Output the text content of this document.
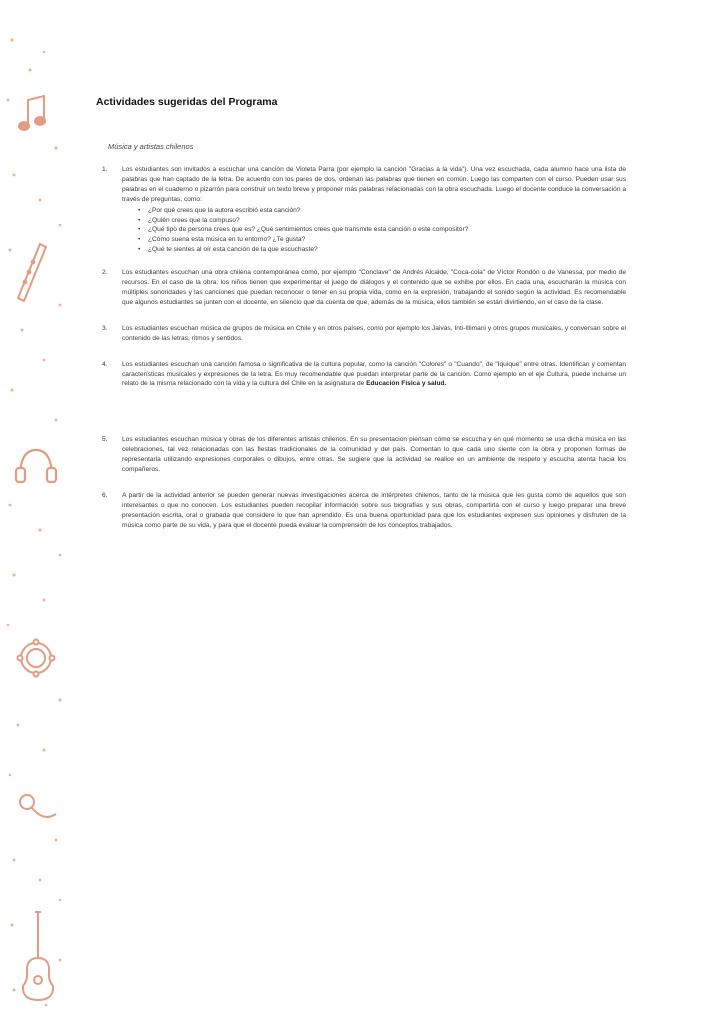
Actividades sugeridas del Programa
Música y artistas chilenos
1.	Los estudiantes son invitados a escuchar una canción de Violeta Parra (por ejemplo la canción "Gracias a la vida"). Una vez escuchada, cada alumno hace una lista de palabras que han captado de la letra. De acuerdo con los pares de dos, ordenan las palabras que tienen en común. Luego las comparten con el curso. Pueden usar sus palabras en el cuaderno o pizarrón para construir un texto breve y proponer más palabras relacionadas con la obra escuchada. Luego el docente conduce la conversación a través de preguntas, como:
• ¿Por qué crees que la autora escribió esta canción?
• ¿Quién crees que la compuso?
• ¿Qué tipo de persona crees que es? ¿Qué sentimientos crees que transmite esta canción o este compositor?
• ¿Cómo suena esta música en tu entorno? ¿Te gusta?
• ¿Qué te sientes al oír esta canción de la que escuchaste?
2.	Los estudiantes escuchan una obra chilena contemporánea como, por ejemplo "Conclave" de Andrés Alcalde, "Coca-cola" de Víctor Rondón o de Vanessa, por medio de recursos. En el caso de la obra, los niños tienen que experimentar el juego de diálogos y el contenido que se exhibe por ellos. En cada una, escucharán la música con múltiples sonoridades y las canciones que puedan reconocer o tener en su propia vida, como en la expresión, trabajando el sonido según la actividad. Es recomendable que algunos estudiantes se junten con el docente, en silencio que da cuenta de que, además de la música, ellos también se están divirtiendo, en el caso de la clase.
3.	Los estudiantes escuchan música de grupos de música en Chile y en otros países, como por ejemplo los Jaivas, Inti-Illimani y otros grupos musicales, y conversan sobre el contenido de las letras, ritmos y sentidos.
4.	Los estudiantes escuchan una canción famosa o significativa de la cultura popular, como la canción "Colores" o "Cuando", de "Iquique" entre otras. Identifican y comentan características musicales y expresiones de la letra. Es muy recomendable que puedan interpretar parte de la canción. Como ejemplo en el eje Cultura, puede incluirse un relato de la misma relacionado con la vida y la cultura del Chile en la asignatura de Educación Física y salud.
5.	Los estudiantes escuchan música y obras de los diferentes artistas chilenos. En su presentación piensan cómo se escucha y en qué momento se usa dicha música en las celebraciones, tal vez relacionadas con las fiestas tradicionales de la comunidad y del país. Comentan lo que cada uno siente con la obra y proponen formas de representarla utilizando expresiones corporales o dibujos, entre otras. Se sugiere que la actividad se realice en un ambiente de respeto y escucha atenta hacia los compañeros.
6.	A partir de la actividad anterior se pueden generar nuevas investigaciones acerca de intérpretes chilenos, tanto de la música que les gusta como de aquellos que son interesantes o que no conocen. Los estudiantes pueden recopilar información sobre sus biografías y sus obras, compartirla con el curso y luego preparar una breve presentación escrita, oral o grabada que considere lo que han aprendido. Es una buena oportunidad para que los estudiantes expresen sus opiniones y disfruten de la música como parte de su vida, y para que el docente pueda evaluar la comprensión de los conceptos trabajados.
